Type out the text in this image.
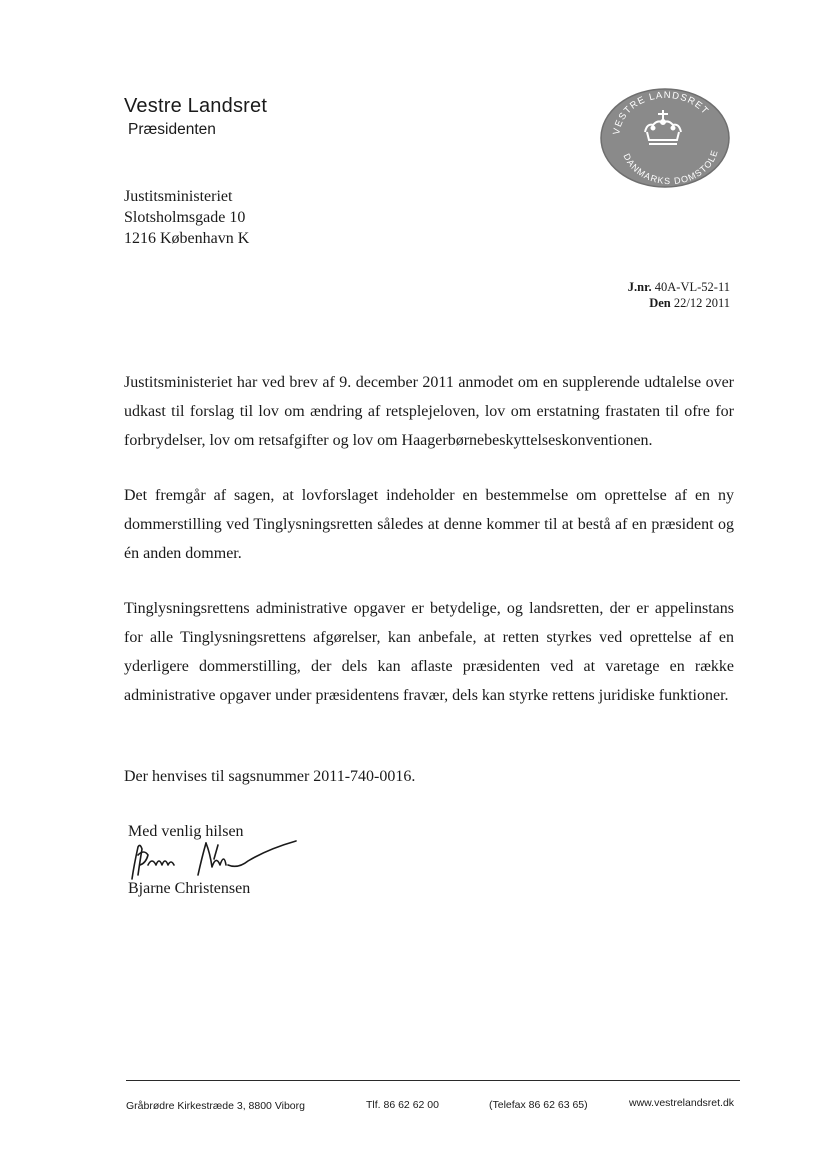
Vestre Landsret
Præsidenten	VESTRE LANDSRET
DANMARKS DOMSTOLE
Justitsministeriet
Slotsholmsgade 10
1216 København K
J.nr. 40A-VL-52-11
Den 22/12 2011
Justitsministeriet har ved brev af 9. december 2011 anmodet om en supplerende udtalelse over udkast til forslag til lov om ændring af retsplejeloven, lov om erstatning frastaten til ofre for forbrydelser, lov om retsafgifter og lov om Haagerbørnebeskyttelseskonventionen.
Det fremgår af sagen, at lovforslaget indeholder en bestemmelse om oprettelse af en ny dommerstilling ved Tinglysningsretten således at denne kommer til at bestå af en præsident og én anden dommer.
Tinglysningsrettens administrative opgaver er betydelige, og landsretten, der er appelinstans for alle Tinglysningsrettens afgørelser, kan anbefale, at retten styrkes ved oprettelse af en yderligere dommerstilling, der dels kan aflaste præsidenten ved at varetage en række administrative opgaver under præsidentens fravær, dels kan styrke rettens juridiske funktioner.
Der henvises til sagsnummer 2011-740-0016.
Med venlig hilsen
Bjarne Christensen
Gråbrødre Kirkestræde 3, 8800 Viborg	Tlf. 86 62 62 00	(Telefax 86 62 63 65)	www.vestrelandsret.dk
